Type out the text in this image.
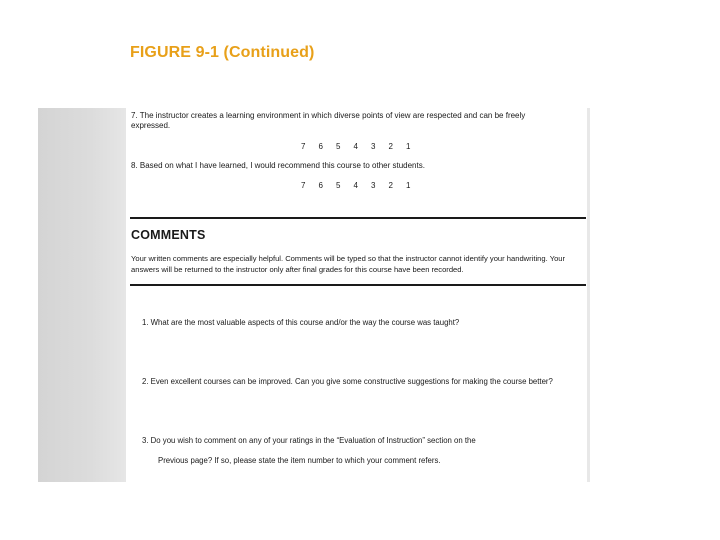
FIGURE 9-1 (Continued)
7. The instructor creates a learning environment in which diverse points of view are respected and can be freely
expressed.
7	6	5	4	3	2	1
8. Based on what I have learned, I would recommend this course to other students.
7	6	5	4	3	2	1
COMMENTS
Your written comments are especially helpful. Comments will be typed so that the instructor cannot identify your handwriting. Your
answers will be returned to the instructor only after final grades for this course have been recorded.
1. What are the most valuable aspects of this course and/or the way the course was taught?
2. Even excellent courses can be improved. Can you give some constructive suggestions for making the course better?
3. Do you wish to comment on any of your ratings in the “Evaluation of Instruction” section on the
Previous page? If so, please state the item number to which your comment refers.
